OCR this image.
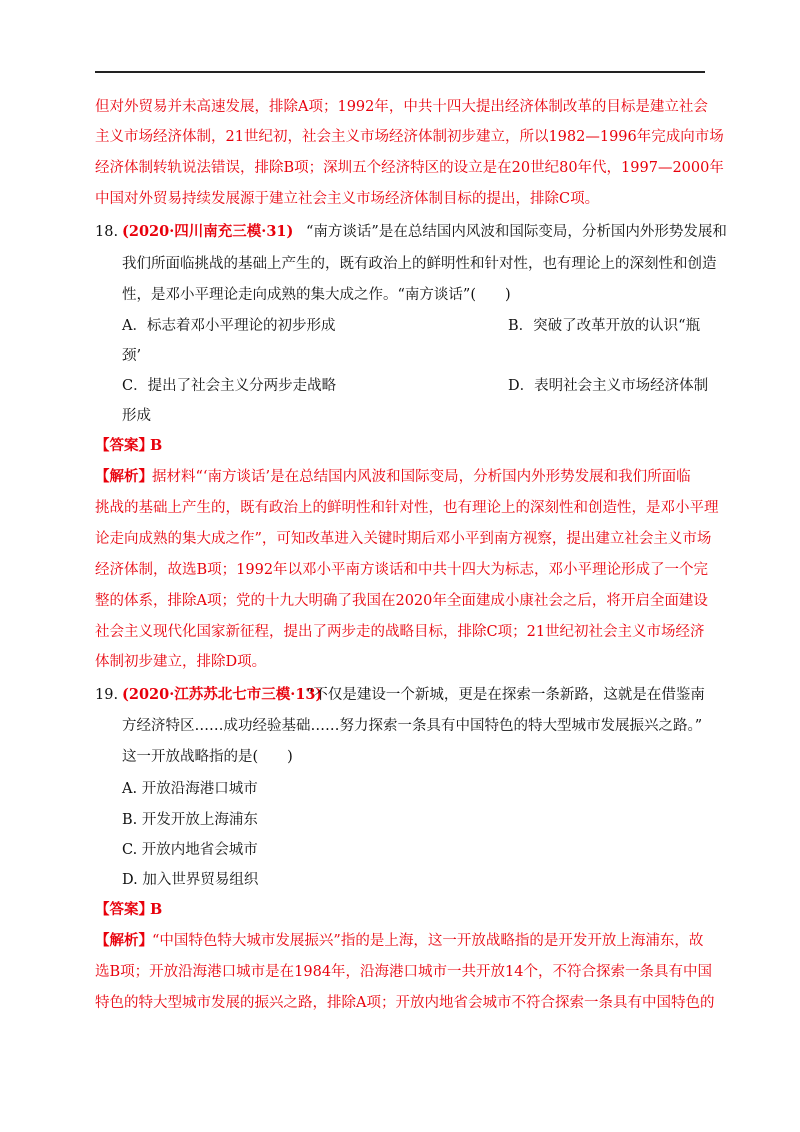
但对外贸易并未高速发展，排除A项；1992年，中共十四大提出经济体制改革的目标是建立社会
主义市场经济体制，21世纪初，社会主义市场经济体制初步建立，所以1982—1996年完成向市场
经济体制转轨说法错误，排除B项；深圳五个经济特区的设立是在20世纪80年代，1997—2000年
中国对外贸易持续发展源于建立社会主义市场经济体制目标的提出，排除C项。
18. (2020·四川南充三模·31) “南方谈话”是在总结国内风波和国际变局，分析国内外形势发展和
我们所面临挑战的基础上产生的，既有政治上的鲜明性和针对性，也有理论上的深刻性和创造
性，是邓小平理论走向成熟的集大成之作。“南方谈话”(　　)
A．标志着邓小平理论的初步形成	B．突破了改革开放的认识“瓶
颈’
C．提出了社会主义分两步走战略	D．表明社会主义市场经济体制
形成
【答案】
B
【解析】 据材料“‘南方谈话’是在总结国内风波和国际变局，分析国内外形势发展和我们所面临
挑战的基础上产生的，既有政治上的鲜明性和针对性，也有理论上的深刻性和创造性，是邓小平理
论走向成熟的集大成之作”，可知改革进入关键时期后邓小平到南方视察，提出建立社会主义市场
经济体制，故选B项；1992年以邓小平南方谈话和中共十四大为标志，邓小平理论形成了一个完
整的体系，排除A项；党的十九大明确了我国在2020年全面建成小康社会之后，将开启全面建设
社会主义现代化国家新征程，提出了两步走的战略目标，排除C项；21世纪初社会主义市场经济
体制初步建立，排除D项。
19. (2020·江苏苏北七市三模·13)
“不仅是建设一个新城，更是在探索一条新路，这就是在借鉴南
方经济特区……成功经验基础……努力探索一条具有中国特色的特大型城市发展振兴之路。”
这一开放战略指的是(　　)
A. 开放沿海港口城市
B. 开发开放上海浦东
C. 开放内地省会城市
D. 加入世界贸易组织
【答案】
B
【解析】 “中国特色特大城市发展振兴”指的是上海，这一开放战略指的是开发开放上海浦东，故
选B项；开放沿海港口城市是在1984年，沿海港口城市一共开放14个，不符合探索一条具有中国
特色的特大型城市发展的振兴之路，排除A项；开放内地省会城市不符合探索一条具有中国特色的
